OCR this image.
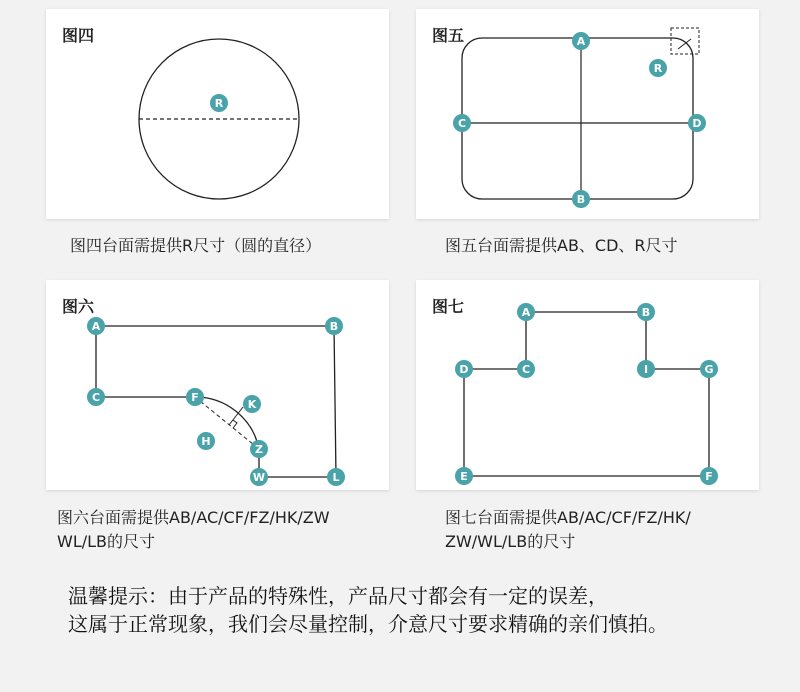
图四
R
图四台面需提供R尺寸（圆的直径）
图五	A
B
C	D
R
图五台面需提供AB、CD、R尺寸
图六
A	B
C	F
K
H
Z
W	L
图六台面需提供AB/AC/CF/FZ/HK/ZW
WL/LB的尺寸
图七	A	B
D	C	I	G
E	F
图七台面需提供AB/AC/CF/FZ/HK/
ZW/WL/LB的尺寸
温馨提示：由于产品的特殊性，产品尺寸都会有一定的误差，
这属于正常现象，我们会尽量控制，介意尺寸要求精确的亲们慎拍。
